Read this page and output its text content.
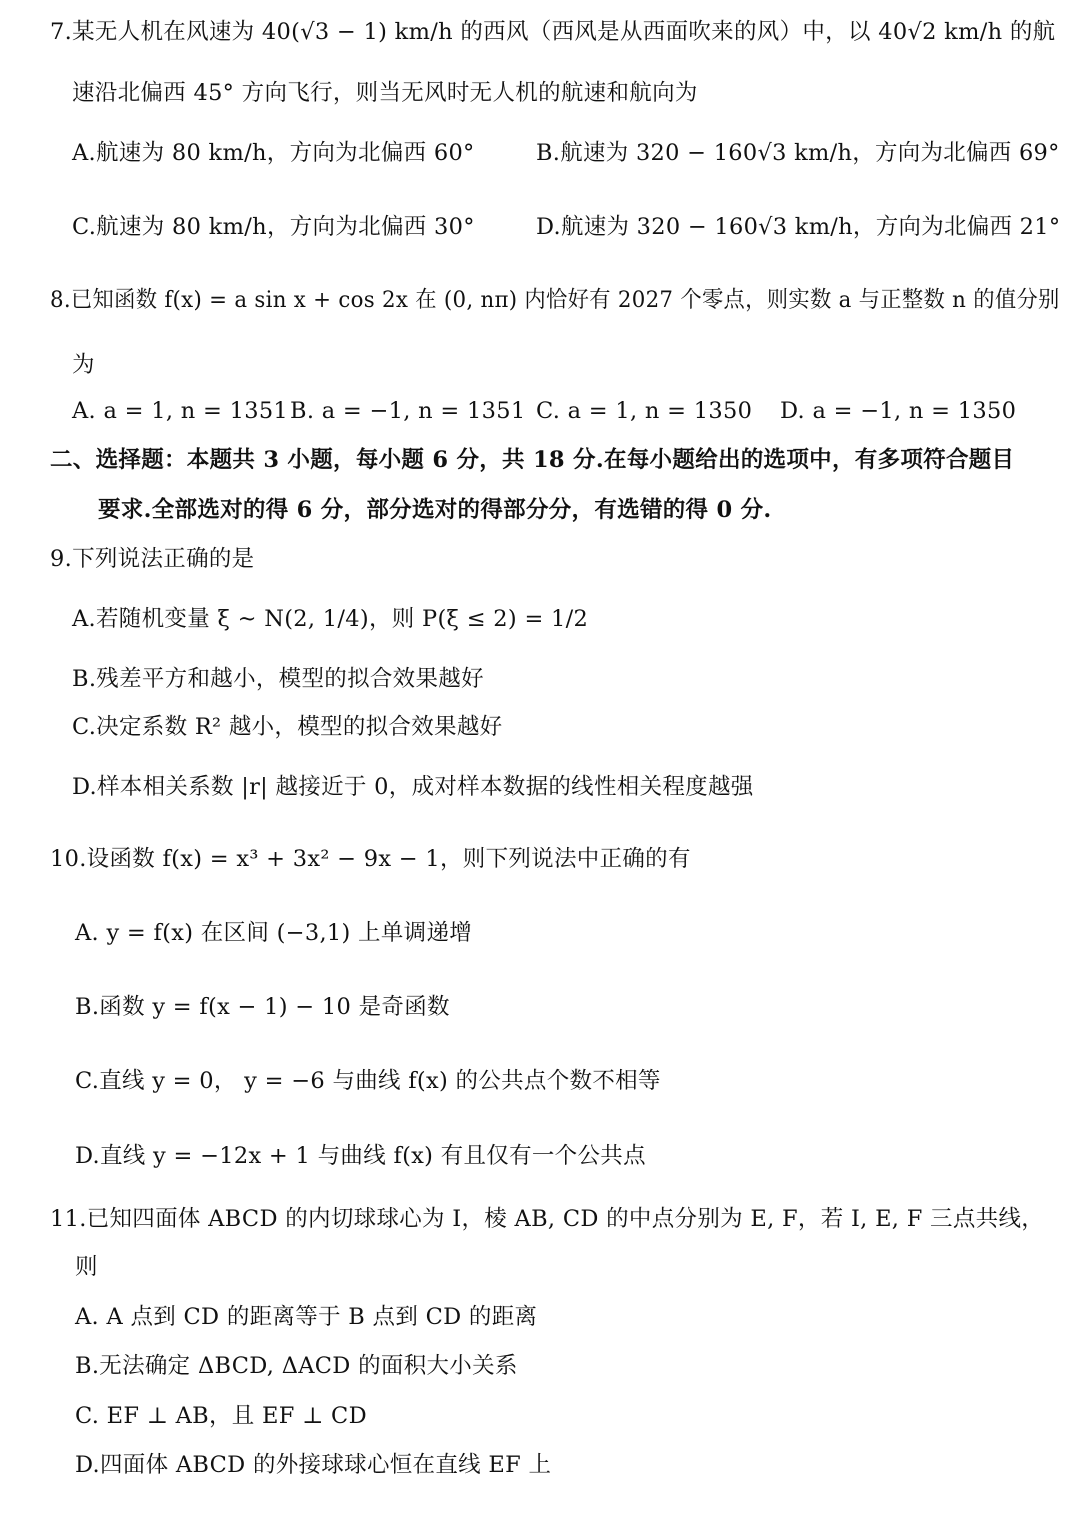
7.某无人机在风速为 40(√3 − 1) km/h 的西风（西风是从西面吹来的风）中，以 40√2 km/h 的航
速沿北偏西 45° 方向飞行，则当无风时无人机的航速和航向为
A.航速为 80 km/h，方向为北偏西 60°	B.航速为 320 − 160√3 km/h，方向为北偏西 69°
C.航速为 80 km/h，方向为北偏西 30°	D.航速为 320 − 160√3 km/h，方向为北偏西 21°
8.已知函数 f(x) = a sin x + cos 2x 在 (0, nπ) 内恰好有 2027 个零点，则实数 a 与正整数 n 的值分别
为
A. a = 1, n = 1351 B. a = −1, n = 1351 C. a = 1, n = 1350 D. a = −1, n = 1350
二、选择题：本题共 3 小题，每小题 6 分，共 18 分.在每小题给出的选项中，有多项符合题目
要求.全部选对的得 6 分，部分选对的得部分分，有选错的得 0 分.
9.下列说法正确的是
A.若随机变量 ξ ~ N(2, 1/4)，则 P(ξ ≤ 2) = 1/2
B.残差平方和越小，模型的拟合效果越好
C.决定系数 R² 越小，模型的拟合效果越好
D.样本相关系数 |r| 越接近于 0，成对样本数据的线性相关程度越强
10.设函数 f(x) = x³ + 3x² − 9x − 1，则下列说法中正确的有
A. y = f(x) 在区间 (−3,1) 上单调递增
B.函数 y = f(x − 1) − 10 是奇函数
C.直线 y = 0， y = −6 与曲线 f(x) 的公共点个数不相等
D.直线 y = −12x + 1 与曲线 f(x) 有且仅有一个公共点
11.已知四面体 ABCD 的内切球球心为 I，棱 AB, CD 的中点分别为 E, F，若 I, E, F 三点共线，
则
A. A 点到 CD 的距离等于 B 点到 CD 的距离
B.无法确定 ΔBCD, ΔACD 的面积大小关系
C. EF ⊥ AB，且 EF ⊥ CD
D.四面体 ABCD 的外接球球心恒在直线 EF 上
